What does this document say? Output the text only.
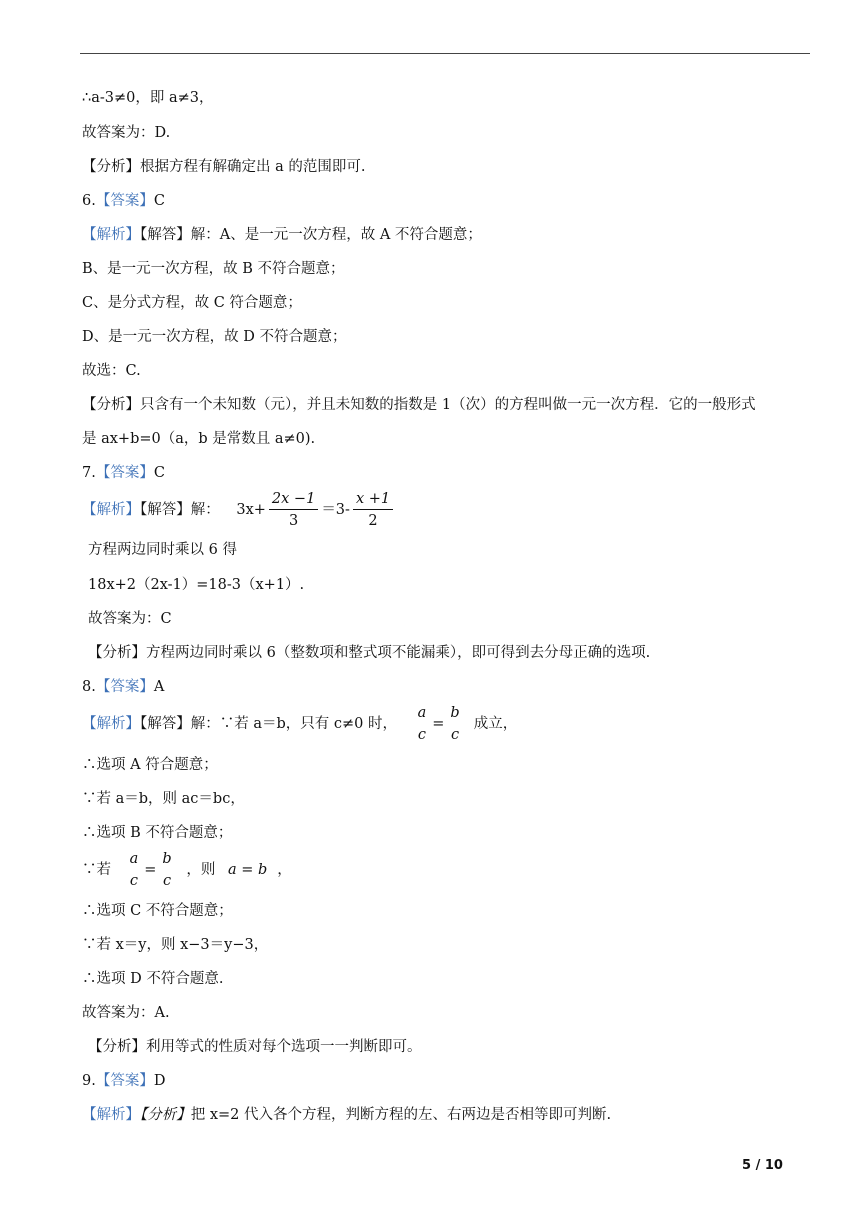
∴a-3≠0，即 a≠3，
故答案为：D.
【分析】根据方程有解确定出 a 的范围即可.
6.【答案】C
【解析】【解答】解：A、是一元一次方程，故 A 不符合题意；
B、是一元一次方程，故 B 不符合题意；
C、是分式方程，故 C 符合题意；
D、是一元一次方程，故 D 不符合题意；
故选：C.
【分析】只含有一个未知数（元），并且未知数的指数是 1（次）的方程叫做一元一次方程．它的一般形式
是 ax+b=0（a，b 是常数且 a≠0).
7.【答案】C
【解析】【解答】解： $3x+ \frac{2x -1}{3} =3- \frac{x +1}{2}$
方程两边同时乘以 6 得
18x+2（2x-1）=18-3（x+1）.
故答案为：C
【分析】方程两边同时乘以 6（整数项和整式项不能漏乘），即可得到去分母正确的选项.
8.【答案】A
【解析】【解答】解：∵若 a＝b，只有 c≠0 时，
a
c
=
b
c
成立，
∴选项 A 符合题意；
∵若 a＝b，则 ac＝bc，
∴选项 B 不符合题意；
∵若
a
c
=
b
c
，则 a = b ，
∴选项 C 不符合题意；
∵若 x＝y，则 x−3＝y−3，
∴选项 D 不符合题意.
故答案为：A.
【分析】利用等式的性质对每个选项一一判断即可。
9.【答案】D
【解析】【分析】把 x=2 代入各个方程，判断方程的左、右两边是否相等即可判断.
5 / 10
